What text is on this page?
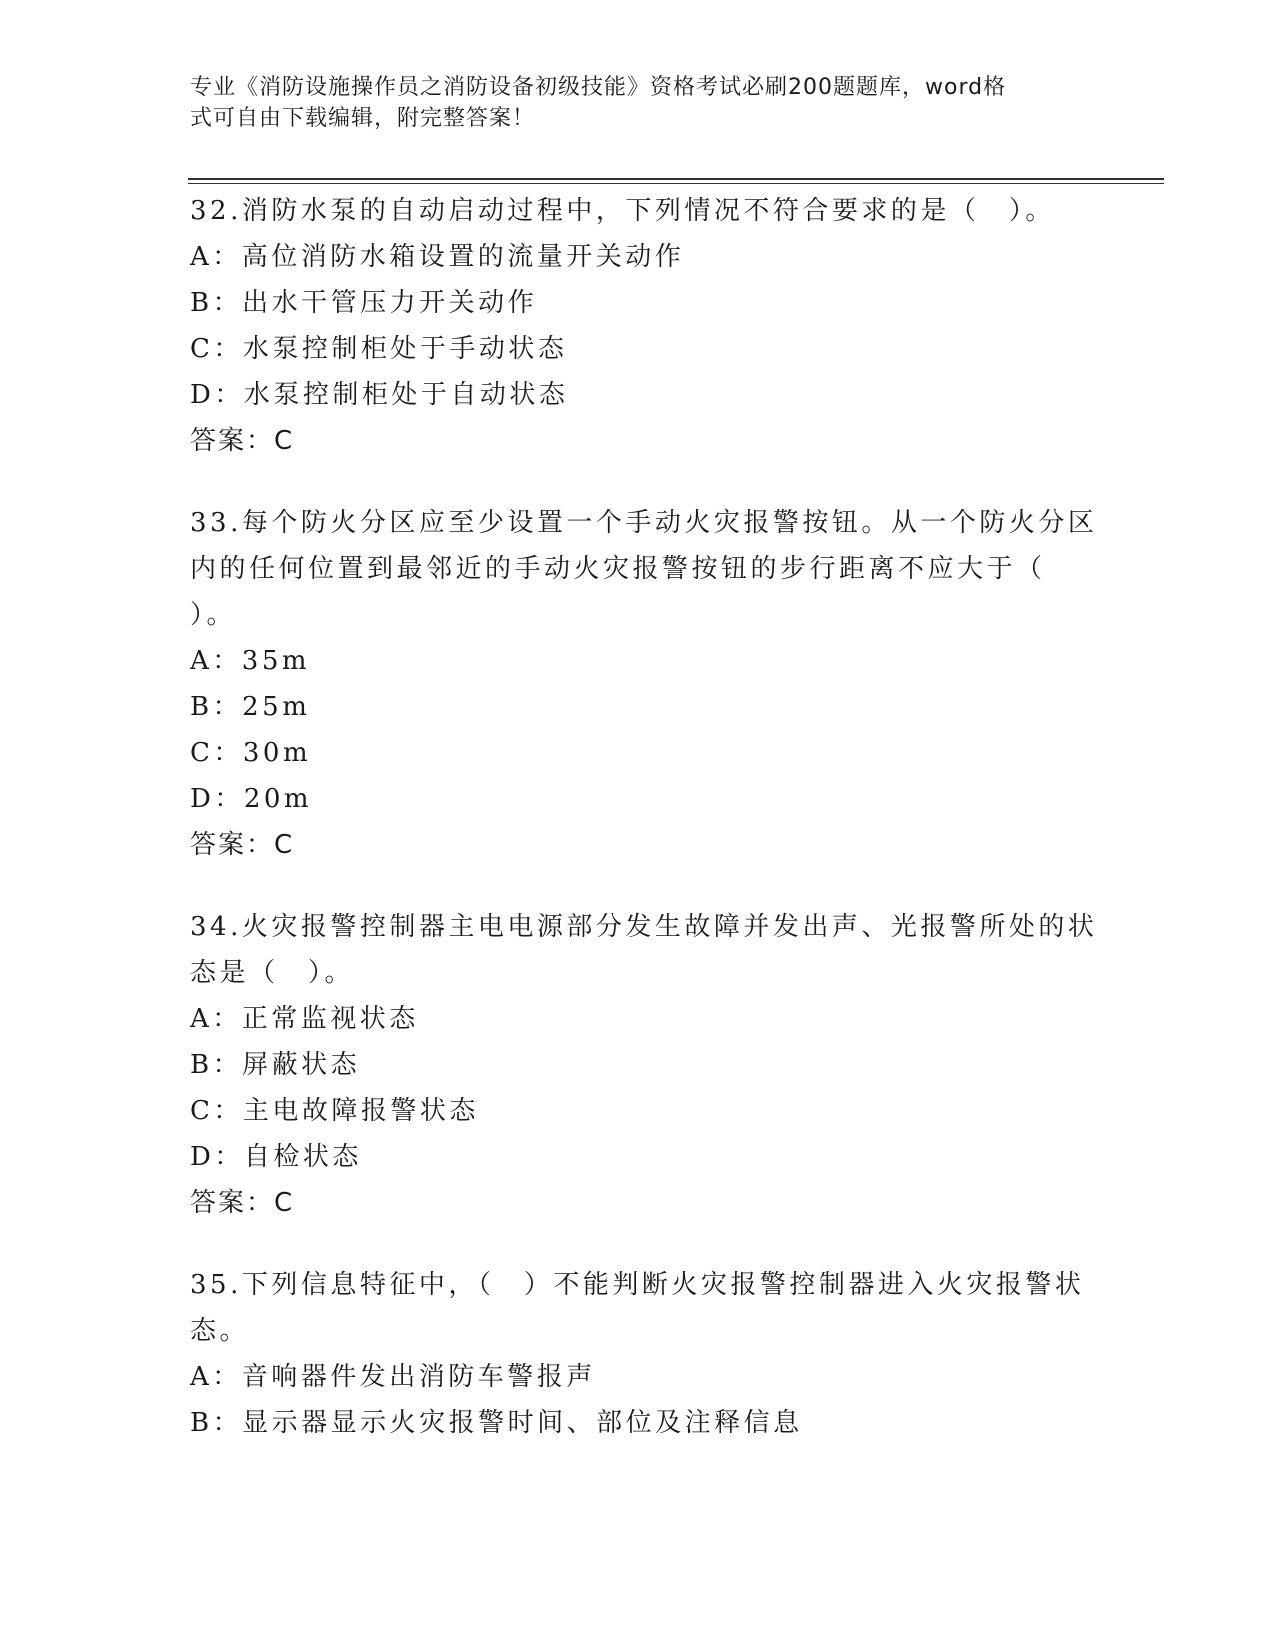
专业《消防设施操作员之消防设备初级技能》资格考试必刷200题题库，word格
式可自由下载编辑，附完整答案！
32.消防水泵的自动启动过程中，下列情况不符合要求的是（　）。
A：高位消防水箱设置的流量开关动作
B：出水干管压力开关动作
C：水泵控制柜处于手动状态
D：水泵控制柜处于自动状态
答案：C
33.每个防火分区应至少设置一个手动火灾报警按钮。从一个防火分区
内的任何位置到最邻近的手动火灾报警按钮的步行距离不应大于（
）。
A：35m
B：25m
C：30m
D：20m
答案：C
34.火灾报警控制器主电电源部分发生故障并发出声、光报警所处的状
态是（　）。
A：正常监视状态
B：屏蔽状态
C：主电故障报警状态
D：自检状态
答案：C
35.下列信息特征中，（　）不能判断火灾报警控制器进入火灾报警状
态。
A：音响器件发出消防车警报声
B：显示器显示火灾报警时间、部位及注释信息
